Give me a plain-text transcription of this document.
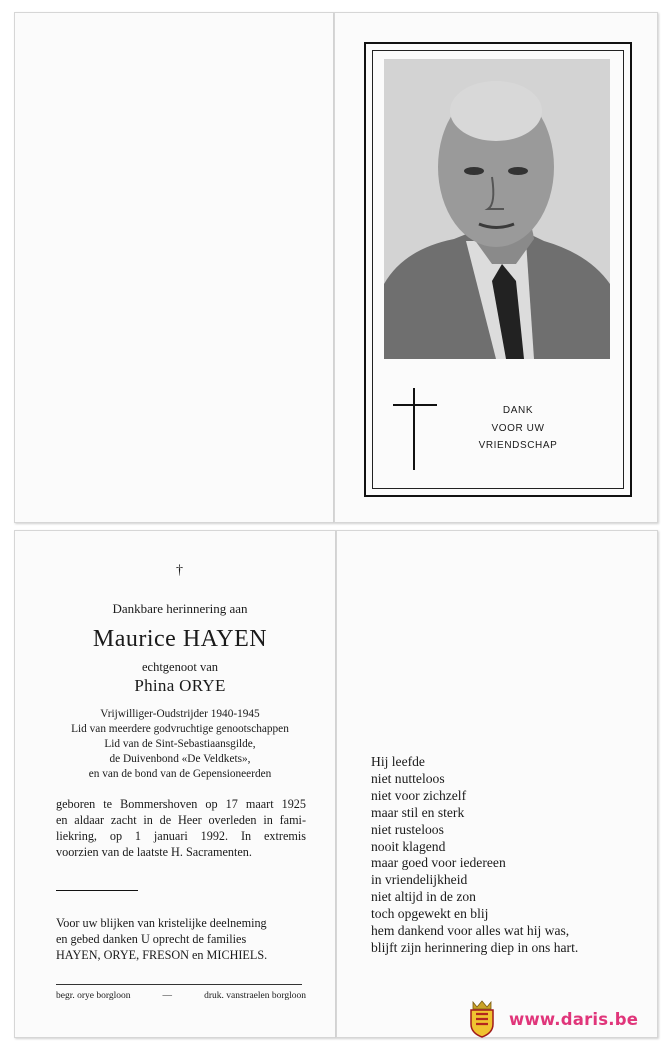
DANK
VOOR UW
VRIENDSCHAP
†
Dankbare herinnering aan
Maurice HAYEN
echtgenoot van
Phina ORYE
Vrijwilliger-Oudstrijder 1940-1945
Lid van meerdere godvruchtige genootschappen
Lid van de Sint-Sebastiaansgilde,
de Duivenbond «De Veldkets»,
en van de bond van de Gepensioneerden
geboren te Bommershoven op 17 maart 1925
en aldaar zacht in de Heer overleden in fami-
liekring, op 1 januari 1992. In extremis
voorzien van de laatste H. Sacramenten.
Voor uw blijken van kristelijke deelneming
en gebed danken U oprecht de families
HAYEN, ORYE, FRESON en MICHIELS.
begr. orye borgloon	—	druk. vanstraelen borgloon
Hij leefde
niet nutteloos
niet voor zichzelf
maar stil en sterk
niet rusteloos
nooit klagend
maar goed voor iedereen
in vriendelijkheid
niet altijd in de zon
toch opgewekt en blij
hem dankend voor alles wat hij was,
blijft zijn herinnering diep in ons hart.
www.daris.be
